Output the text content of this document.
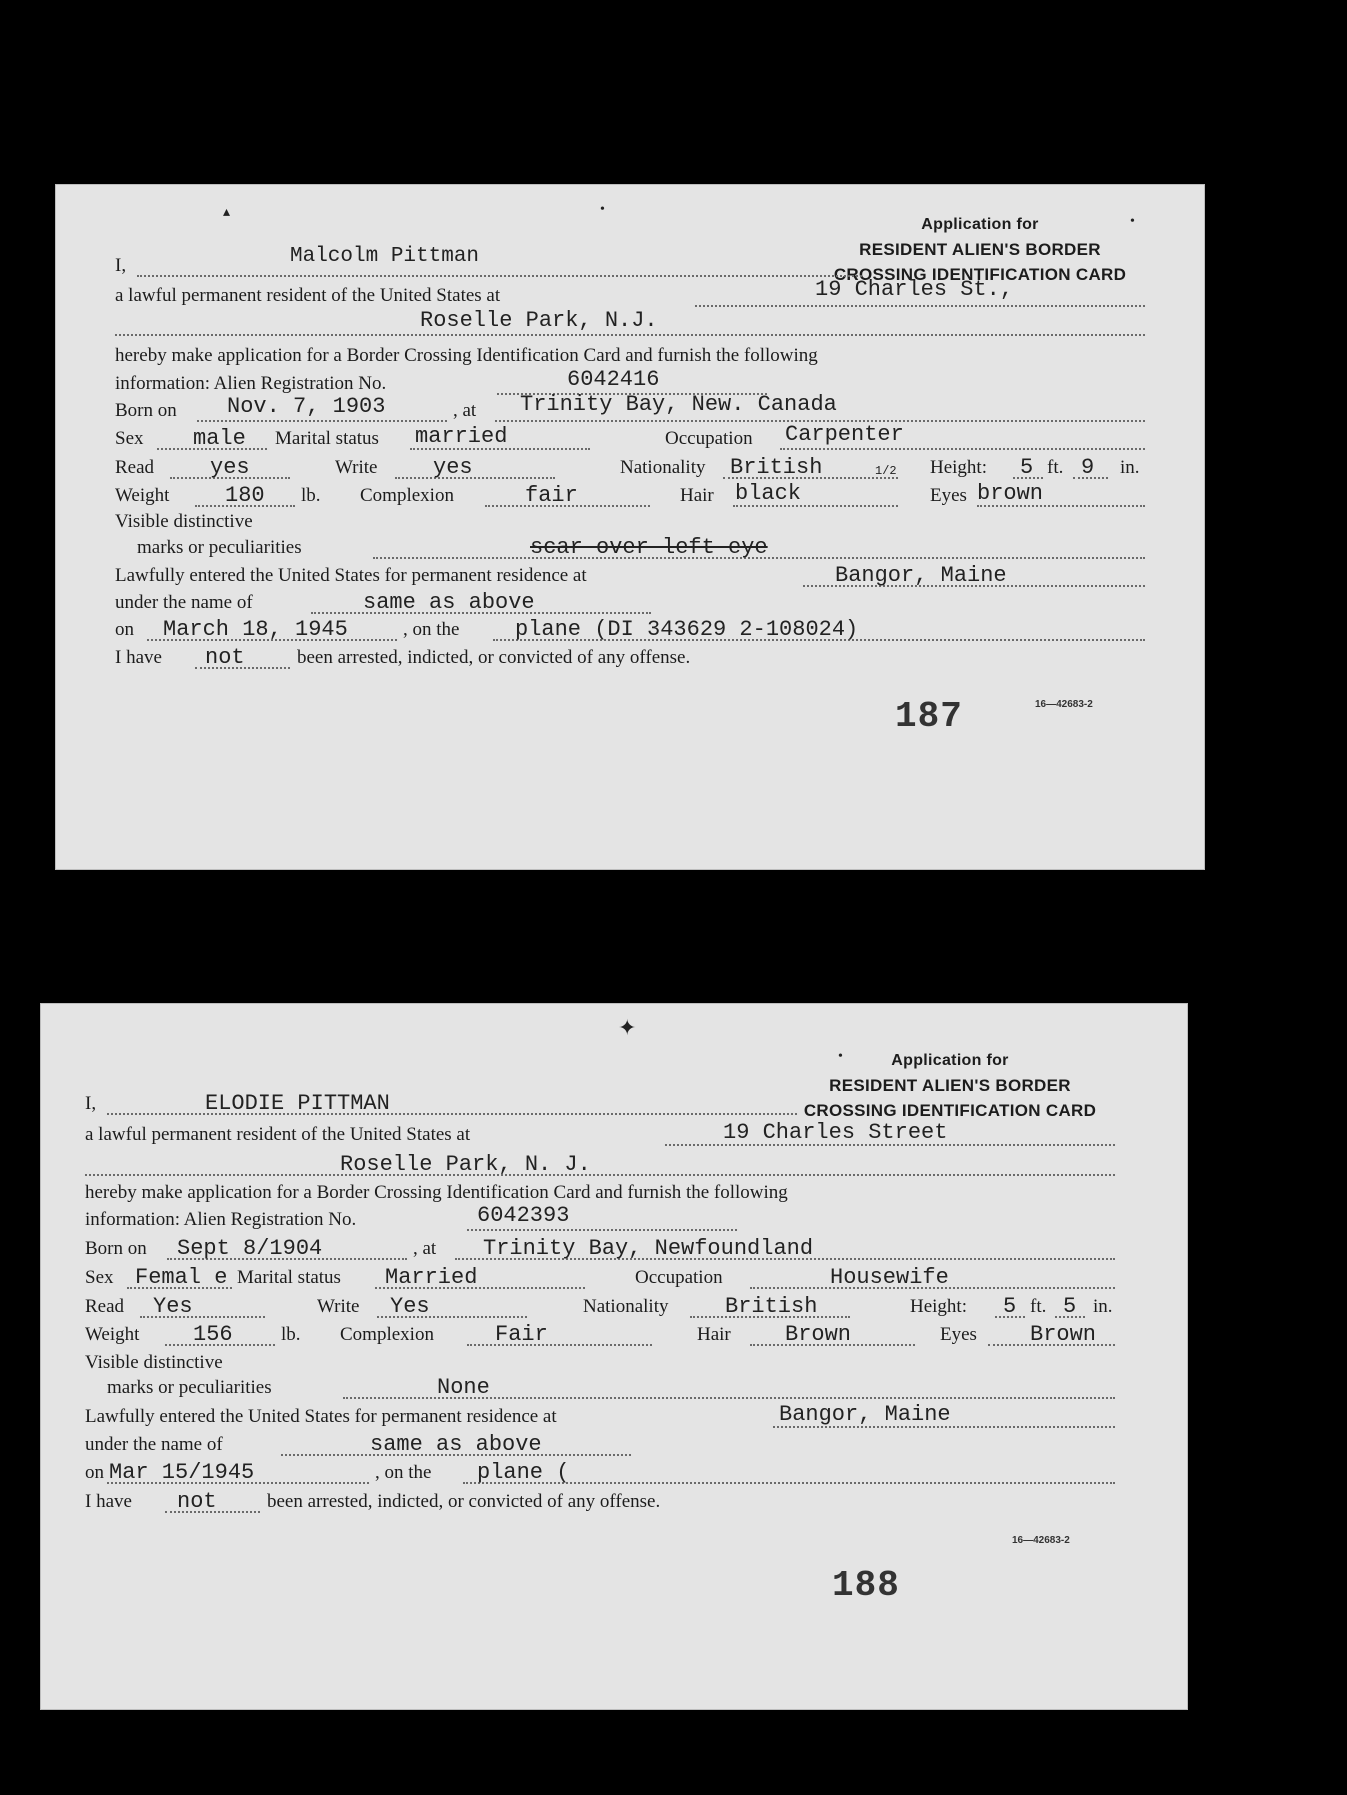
Application for
RESIDENT ALIEN'S BORDER
CROSSING IDENTIFICATION CARD
I,	Malcolm Pittman
a lawful permanent resident of the United States at	19 Charles St.,
Roselle Park, N.J.
hereby make application for a Border Crossing Identification Card and furnish the following
information: Alien Registration No.	6042416
Born on Nov. 7, 1903	, at Trinity Bay, New. Canada
Sex male Marital status married	Occupation Carpenter
Read	yes	Write	yes	Nationality British	1/2 Height: 5 ft. 9 in.
Weight	180 lb. Complexion	fair	Hair black	Eyes brown
Visible distinctive
marks or peculiarities	scar over left eye
Lawfully entered the United States for permanent residence at	Bangor, Maine
under the name of	same as above
on March 18, 1945	, on the	plane (DI 343629 2-108024)
I have not	been arrested, indicted, or convicted of any offense.
16—42683-2
187
▴	•
•
Application for
RESIDENT ALIEN'S BORDER
CROSSING IDENTIFICATION CARD
I,	ELODIE PITTMAN
a lawful permanent resident of the United States at	19 Charles Street
Roselle Park, N. J.
hereby make application for a Border Crossing Identification Card and furnish the following
information: Alien Registration No.	6042393
Born on Sept 8/1904	, at Trinity Bay, Newfoundland
Sex Femal e Marital status Married	Occupation	Housewife
Read Yes	Write Yes	Nationality	British	Height: 5 ft. 5 in.
Weight 156	lb. Complexion	Fair	Hair Brown	Eyes Brown
Visible distinctive
marks or peculiarities	None
Lawfully entered the United States for permanent residence at	Bangor, Maine
under the name of	same as above
on Mar 15/1945	, on the plane (
I have not	been arrested, indicted, or convicted of any offense.
16—42683-2
188
✦
•
